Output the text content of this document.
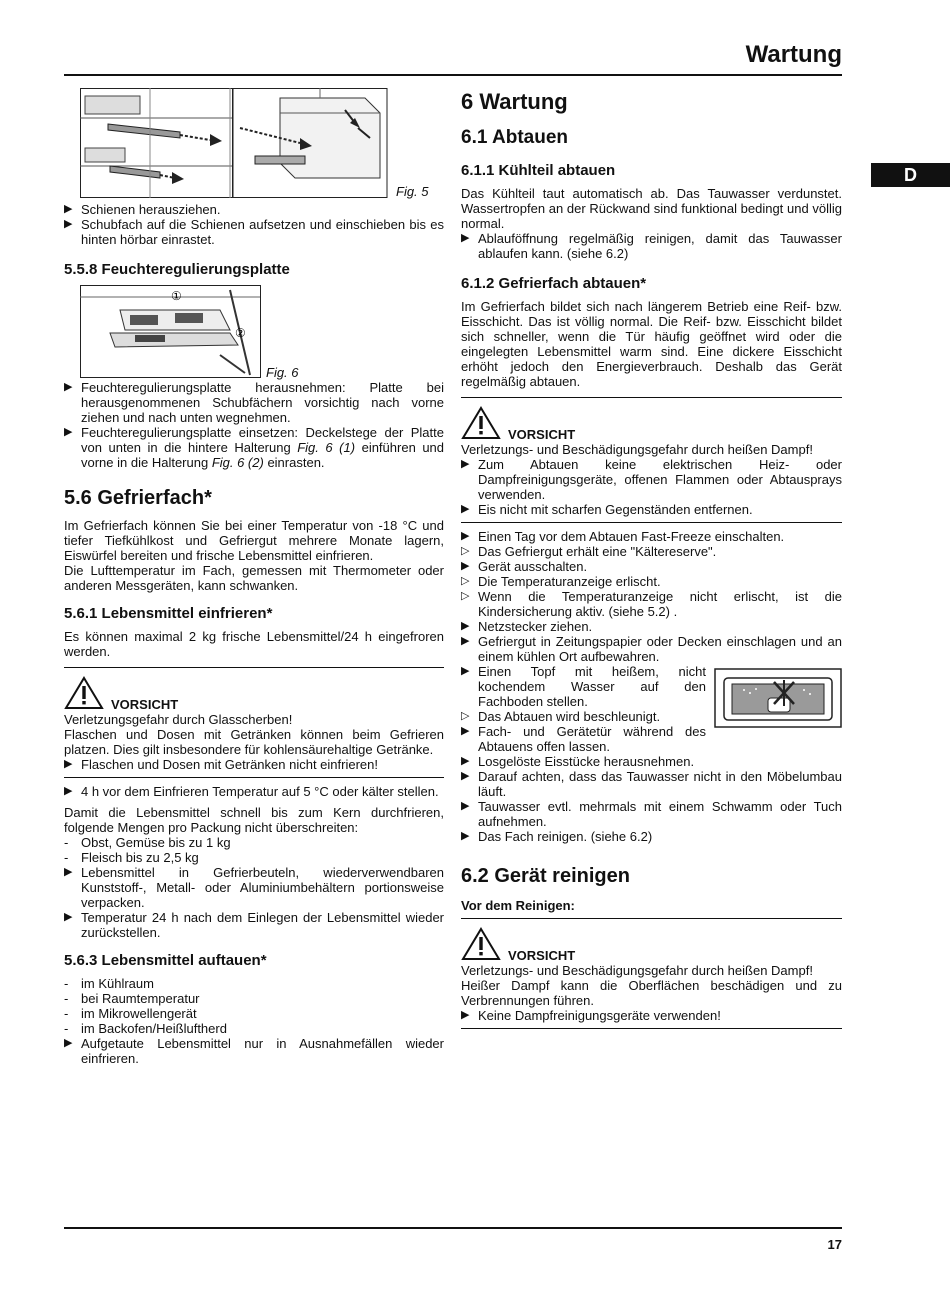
Wartung
D
Fig. 5
▶ Schienen herausziehen.
▶ Schubfach auf die Schienen aufsetzen und einschieben bis es hinten hörbar einrastet.
5.5.8 Feuchteregulierungsplatte
①
②
Fig. 6
▶ Feuchteregulierungsplatte herausnehmen: Platte bei herausgenommenen Schubfächern vorsichtig nach vorne ziehen und nach unten wegnehmen.
▶ Feuchteregulierungsplatte einsetzen: Deckelstege der Platte von unten in die hintere Halterung Fig. 6 (1) einführen und vorne in die Halterung Fig. 6 (2) einrasten.
5.6 Gefrierfach*

Im Gefrierfach können Sie bei einer Temperatur von -18 °C und tiefer Tiefkühlkost und Gefriergut mehrere Monate lagern, Eiswürfel bereiten und frische Lebensmittel einfrieren.

Die Lufttemperatur im Fach, gemessen mit Thermometer oder anderen Messgeräten, kann schwanken.

5.6.1 Lebensmittel einfrieren*

Es können maximal 2 kg frische Lebensmittel/24 h eingefroren werden.

VORSICHT

Verletzungsgefahr durch Glasscherben!

Flaschen und Dosen mit Getränken können beim Gefrieren platzen. Dies gilt insbesondere für kohlensäurehaltige Getränke.

▶ Flaschen und Dosen mit Getränken nicht einfrieren!
▶ 4 h vor dem Einfrieren Temperatur auf 5 °C oder kälter stellen.

Damit die Lebensmittel schnell bis zum Kern durchfrieren, folgende Mengen pro Packung nicht überschreiten:

- Obst, Gemüse bis zu 1 kg
- Fleisch bis zu 2,5 kg
▶ Lebensmittel in Gefrierbeuteln, wiederverwendbaren Kunststoff-, Metall- oder Aluminiumbehältern portionsweise verpacken.
▶ Temperatur 24 h nach dem Einlegen der Lebensmittel wieder zurückstellen.
5.6.3 Lebensmittel auftauen*
- im Kühlraum
- bei Raumtemperatur
- im Mikrowellengerät
- im Backofen/Heißluftherd
▶ Aufgetaute Lebensmittel nur in Ausnahmefällen wieder einfrieren.
6 Wartung
6.1 Abtauen
6.1.1 Kühlteil abtauen

Das Kühlteil taut automatisch ab. Das Tauwasser verdunstet. Wassertropfen an der Rückwand sind funktional bedingt und völlig normal.

▶ Ablauföffnung regelmäßig reinigen, damit das Tauwasser ablaufen kann. (siehe 6.2)
6.1.2 Gefrierfach abtauen*

Im Gefrierfach bildet sich nach längerem Betrieb eine Reif- bzw. Eisschicht. Das ist völlig normal. Die Reif- bzw. Eisschicht bildet sich schneller, wenn die Tür häufig geöffnet wird oder die eingelegten Lebensmittel warm sind. Eine dickere Eisschicht erhöht jedoch den Energieverbrauch. Deshalb das Gerät regelmäßig abtauen.

VORSICHT

Verletzungs- und Beschädigungsgefahr durch heißen Dampf!

▶ Zum Abtauen keine elektrischen Heiz- oder Dampfreinigungsgeräte, offenen Flammen oder Abtausprays verwenden.
▶ Eis nicht mit scharfen Gegenständen entfernen.
▶ Einen Tag vor dem Abtauen Fast-Freeze einschalten.
▷ Das Gefriergut erhält eine "Kältereserve".
▶ Gerät ausschalten.
▷ Die Temperaturanzeige erlischt.
▷ Wenn die Temperaturanzeige nicht erlischt, ist die Kindersicherung aktiv. (siehe 5.2) .
▶ Netzstecker ziehen.
▶ Gefriergut in Zeitungspapier oder Decken einschlagen und an einem kühlen Ort aufbewahren.
▶ Einen Topf mit heißem, nicht kochendem Wasser auf den Fachboden stellen.
▷ Das Abtauen wird beschleunigt.
▶ Fach- und Gerätetür während des Abtauens offen lassen.
▶ Losgelöste Eisstücke herausnehmen.
▶ Darauf achten, dass das Tauwasser nicht in den Möbelumbau läuft.
▶ Tauwasser evtl. mehrmals mit einem Schwamm oder Tuch aufnehmen.
▶ Das Fach reinigen. (siehe 6.2)
6.2 Gerät reinigen
Vor dem Reinigen:
VORSICHT

Verletzungs- und Beschädigungsgefahr durch heißen Dampf!

Heißer Dampf kann die Oberflächen beschädigen und zu Verbrennungen führen.

▶ Keine Dampfreinigungsgeräte verwenden!
17
